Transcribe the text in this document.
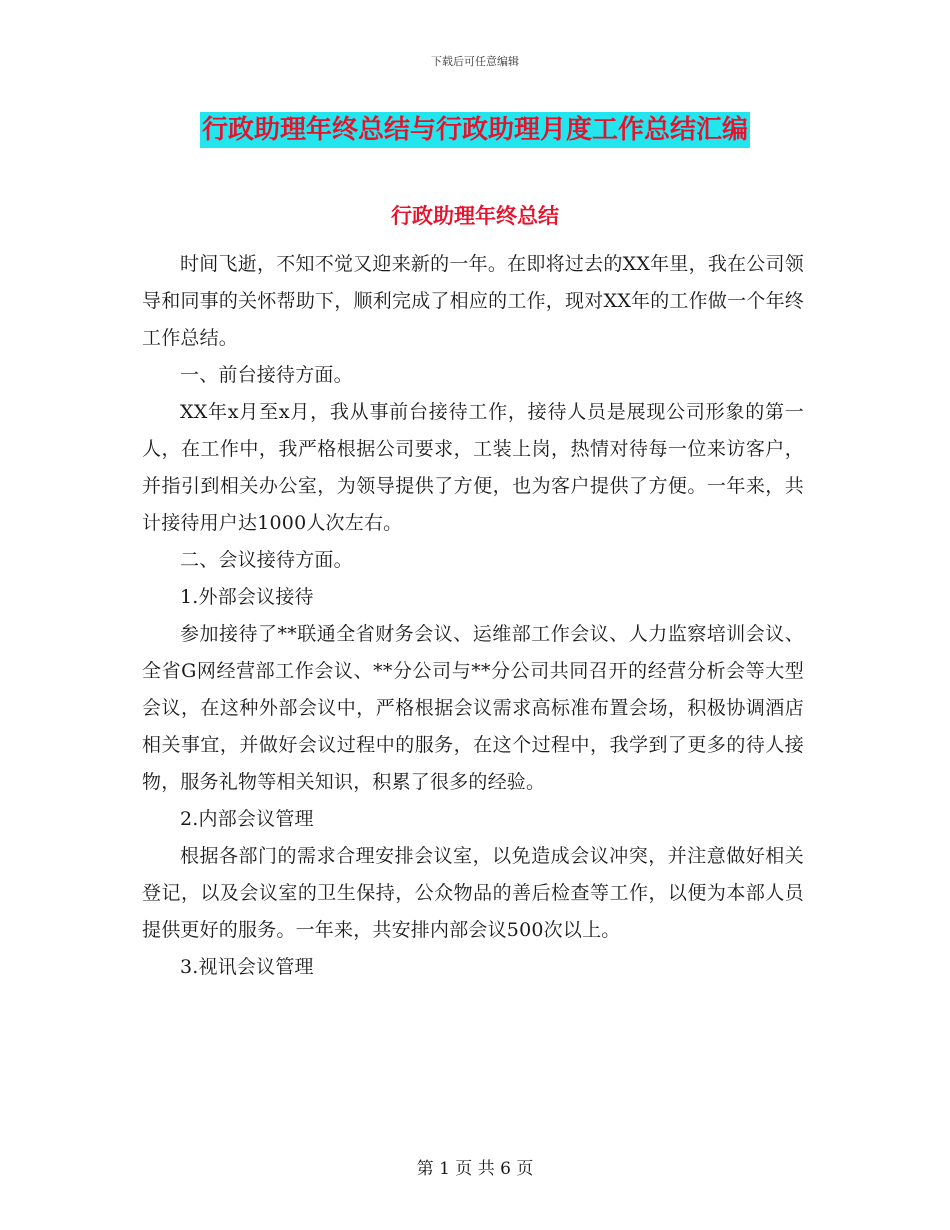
下载后可任意编辑
行政助理年终总结与行政助理月度工作总结汇编
行政助理年终总结

时间飞逝，不知不觉又迎来新的一年。在即将过去的XX年里，我在公司领导和同事的关怀帮助下，顺利完成了相应的工作，现对XX年的工作做一个年终工作总结。

一、前台接待方面。

XX年x月至x月，我从事前台接待工作，接待人员是展现公司形象的第一人，在工作中，我严格根据公司要求，工装上岗，热情对待每一位来访客户，并指引到相关办公室，为领导提供了方便，也为客户提供了方便。一年来，共计接待用户达1000人次左右。

二、会议接待方面。

1.外部会议接待

参加接待了**联通全省财务会议、运维部工作会议、人力监察培训会议、全省G网经营部工作会议、**分公司与**分公司共同召开的经营分析会等大型会议，在这种外部会议中，严格根据会议需求高标准布置会场，积极协调酒店相关事宜，并做好会议过程中的服务，在这个过程中，我学到了更多的待人接物，服务礼物等相关知识，积累了很多的经验。

2.内部会议管理

根据各部门的需求合理安排会议室，以免造成会议冲突，并注意做好相关登记，以及会议室的卫生保持，公众物品的善后检查等工作，以便为本部人员提供更好的服务。一年来，共安排内部会议500次以上。

3.视讯会议管理

第 1 页 共 6 页
